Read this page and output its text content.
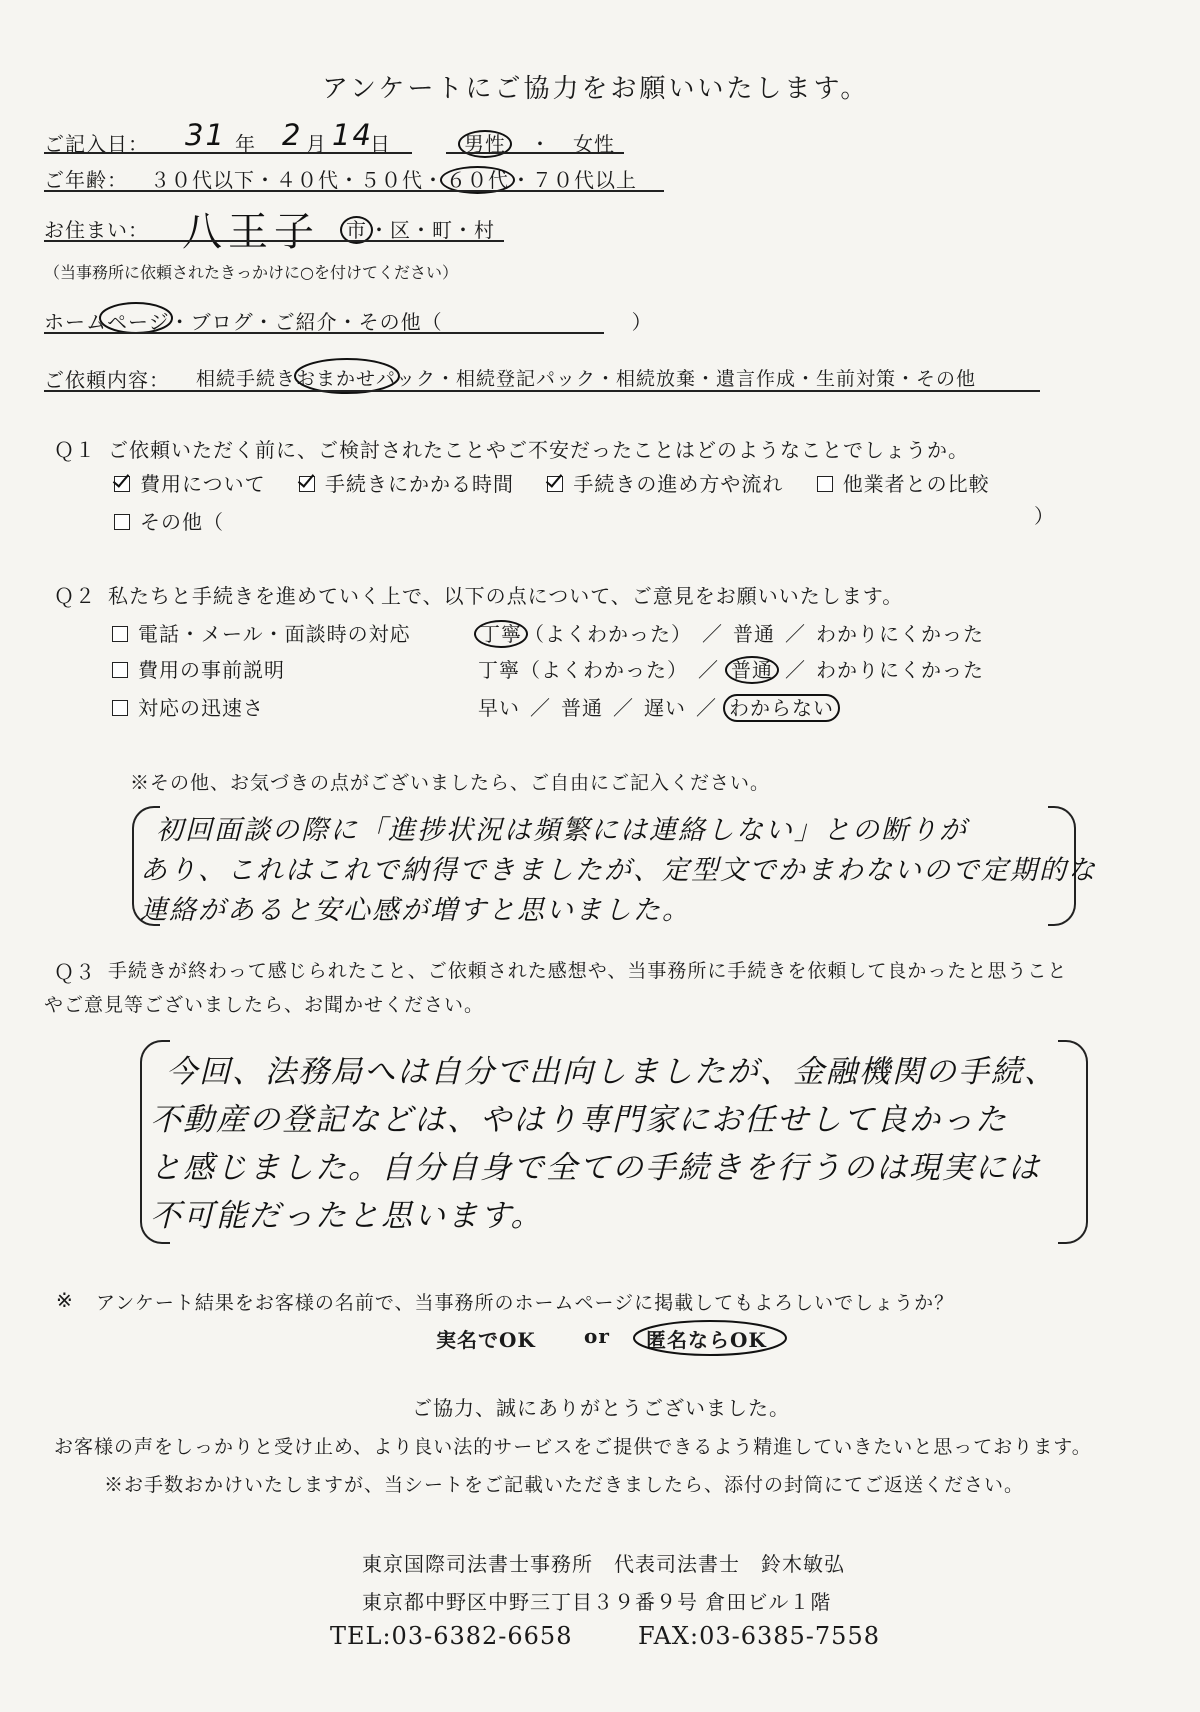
アンケートにご協力をお願いいたします。
ご記入日： 31 年 2 月 14
日	男性 ・ 女性
ご年齢： ３０代以下・４０代・５０代・ ６０代 ・７０代以上
お住まい： 八王子 市 ・区・町・村
（当事務所に依頼されたきっかけに○を付けてください）
ホームページ・ブログ・ご紹介・その他（　　　　　　　　　）
ご依頼内容： 相続手続きおまかせパック・相続登記パック・相続放棄・遺言作成・生前対策・その他
Ｑ１ ご依頼いただく前に、ご検討されたことやご不安だったことはどのようなことでしょうか。
費用について	手続きにかかる時間	手続きの進め方や流れ	他業者との比較
その他（	）
Ｑ２ 私たちと手続きを進めていく上で、以下の点について、ご意見をお願いいたします。
電話・メール・面談時の対応	丁寧 （よくわかった） ／ 普通 ／ わかりにくかった
費用の事前説明	丁寧（よくわかった） ／ 普通 ／ わかりにくかった
対応の迅速さ	早い ／ 普通 ／ 遅い ／ わからない
※その他、お気づきの点がございましたら、ご自由にご記入ください。
初回面談の際に「進捗状況は頻繁には連絡しない」との断りが
あり、これはこれで納得できましたが、定型文でかまわないので定期的な
連絡があると安心感が増すと思いました。
Ｑ３ 手続きが終わって感じられたこと、ご依頼された感想や、当事務所に手続きを依頼して良かったと思うこと
やご意見等ございましたら、お聞かせください。
今回、法務局へは自分で出向しましたが、金融機関の手続、
不動産の登記などは、やはり専門家にお任せして良かった
と感じました。自分自身で全ての手続きを行うのは現実には
不可能だったと思います。
※ アンケート結果をお客様の名前で、当事務所のホームページに掲載してもよろしいでしょうか？
実名でOK or 匿名ならOK
ご協力、誠にありがとうございました。
お客様の声をしっかりと受け止め、より良い法的サービスをご提供できるよう精進していきたいと思っております。
※お手数おかけいたしますが、当シートをご記載いただきましたら、添付の封筒にてご返送ください。
東京国際司法書士事務所　代表司法書士　鈴木敏弘
東京都中野区中野三丁目３９番９号 倉田ビル１階
TEL:03-6382-6658	FAX:03-6385-7558
